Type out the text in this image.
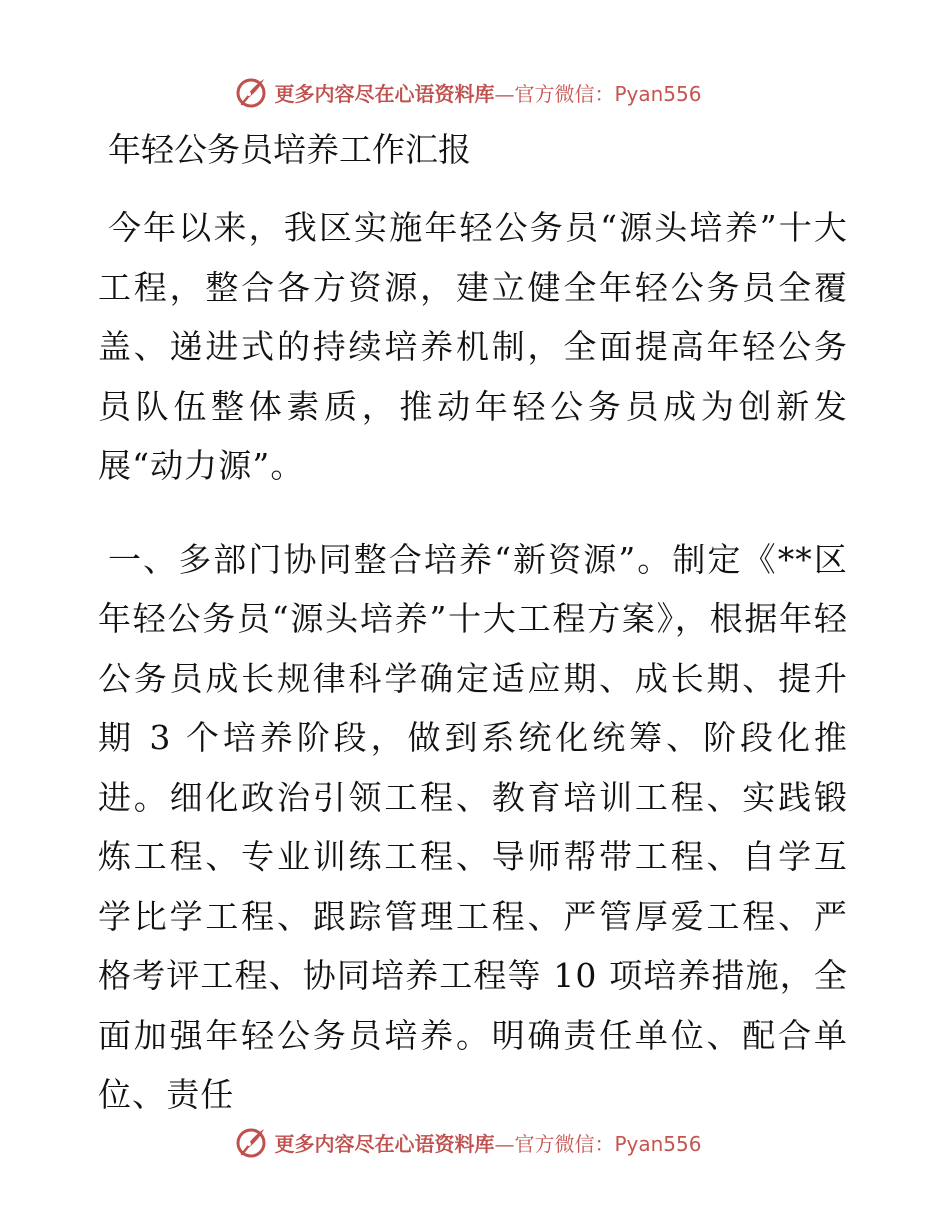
更多内容尽在心语资料库—官方微信：Pyan556
年轻公务员培养工作汇报

今年以来，我区实施年轻公务员“源头培养”十大工程，整合各方资源，建立健全年轻公务员全覆盖、递进式的持续培养机制，全面提高年轻公务员队伍整体素质，推动年轻公务员成为创新发展“动力源”。

一、多部门协同整合培养“新资源”。制定《**区年轻公务员“源头培养”十大工程方案》，根据年轻公务员成长规律科学确定适应期、成长期、提升期 3 个培养阶段，做到系统化统筹、阶段化推进。细化政治引领工程、教育培训工程、实践锻炼工程、专业训练工程、导师帮带工程、自学互学比学工程、跟踪管理工程、严管厚爱工程、严格考评工程、协同培养工程等 10 项培养措施，全面加强年轻公务员培养。明确责任单位、配合单位、责任

更多内容尽在心语资料库—官方微信：Pyan556
